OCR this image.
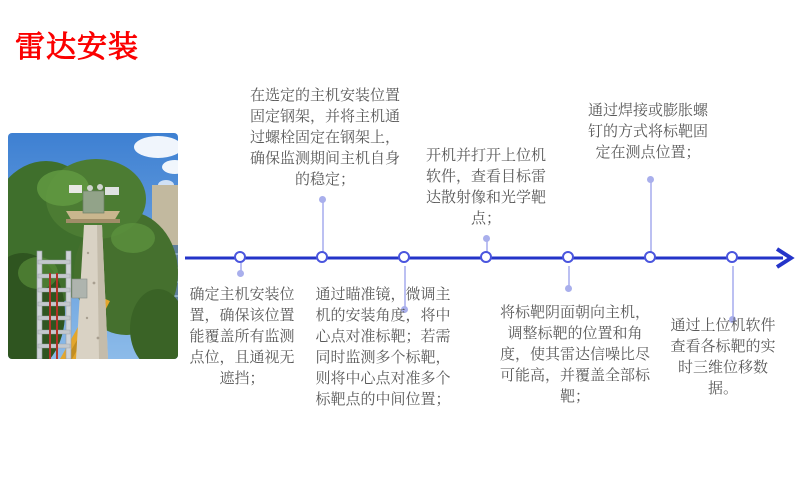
雷达安装
确定主机安装位置，确保该位置能覆盖所有监测点位，且通视无遮挡；
在选定的主机安装位置固定钢架，并将主机通过螺栓固定在钢架上，确保监测期间主机自身的稳定；
通过瞄准镜，微调主机的安装角度，将中心点对准标靶；若需同时监测多个标靶，则将中心点对准多个标靶点的中间位置；
开机并打开上位机软件，查看目标雷达散射像和光学靶点；
将标靶阴面朝向主机，调整标靶的位置和角度，使其雷达信噪比尽可能高，并覆盖全部标靶；
通过焊接或膨胀螺钉的方式将标靶固定在测点位置；
通过上位机软件查看各标靶的实时三维位移数据。
